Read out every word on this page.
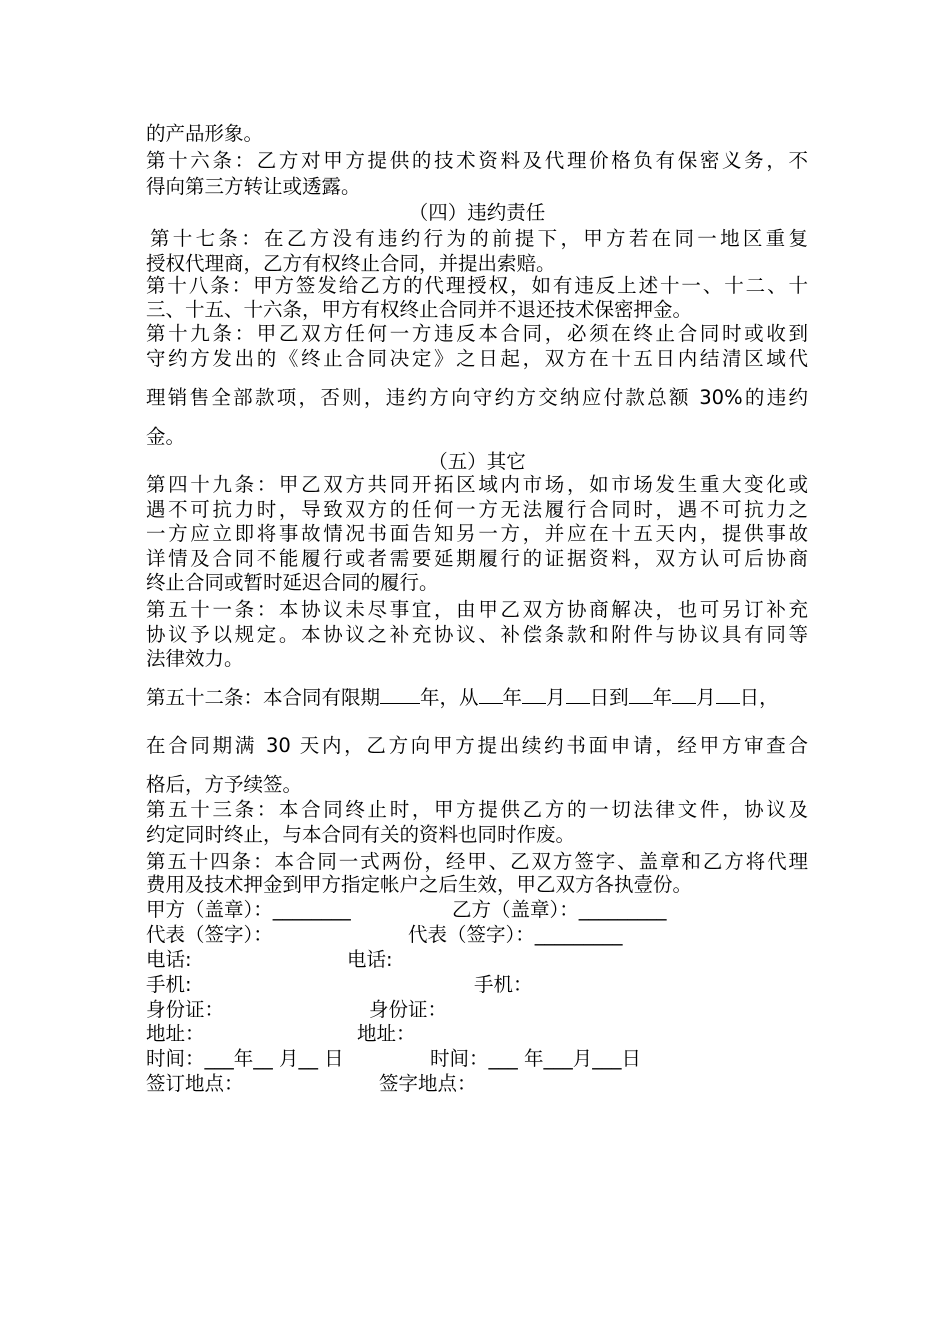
的产品形象。
第十六条：乙方对甲方提供的技术资料及代理价格负有保密义务，不
得向第三方转让或透露。
（四）违约责任
第十七条：在乙方没有违约行为的前提下，甲方若在同一地区重复
授权代理商，乙方有权终止合同，并提出索赔。
第十八条：甲方签发给乙方的代理授权，如有违反上述十一、十二、十
三、十五、十六条，甲方有权终止合同并不退还技术保密押金。
第十九条：甲乙双方任何一方违反本合同，必须在终止合同时或收到
守约方发出的《终止合同决定》之日起，双方在十五日内结清区域代
理销售全部款项，否则，违约方向守约方交纳应付款总额 30%的违约
金。
（五）其它
第四十九条：甲乙双方共同开拓区域内市场，如市场发生重大变化或
遇不可抗力时，导致双方的任何一方无法履行合同时，遇不可抗力之
一方应立即将事故情况书面告知另一方，并应在十五天内，提供事故
详情及合同不能履行或者需要延期履行的证据资料，双方认可后协商
终止合同或暂时延迟合同的履行。
第五十一条：本协议未尽事宜，由甲乙双方协商解决，也可另订补充
协议予以规定。本协议之补充协议、补偿条款和附件与协议具有同等
法律效力。
第五十二条：本合同有限期 年，从 年 月 日到 年 月 日，
在合同期满 30 天内，乙方向甲方提出续约书面申请，经甲方审查合
格后，方予续签。
第五十三条：本合同终止时，甲方提供乙方的一切法律文件，协议及
约定同时终止，与本合同有关的资料也同时作废。
第五十四条：本合同一式两份，经甲、乙双方签字、盖章和乙方将代理
费用及技术押金到甲方指定帐户之后生效，甲乙双方各执壹份。
甲方（盖章）：________	乙方（盖章）：_________
代表（签字）：	代表（签字）：_________
电话:	电话:
手机:	手机：
身份证：	身份证：
地址：	地址：
时间：___年__ 月__ 日	时间：___ 年___月___日
签订地点：	签字地点：
